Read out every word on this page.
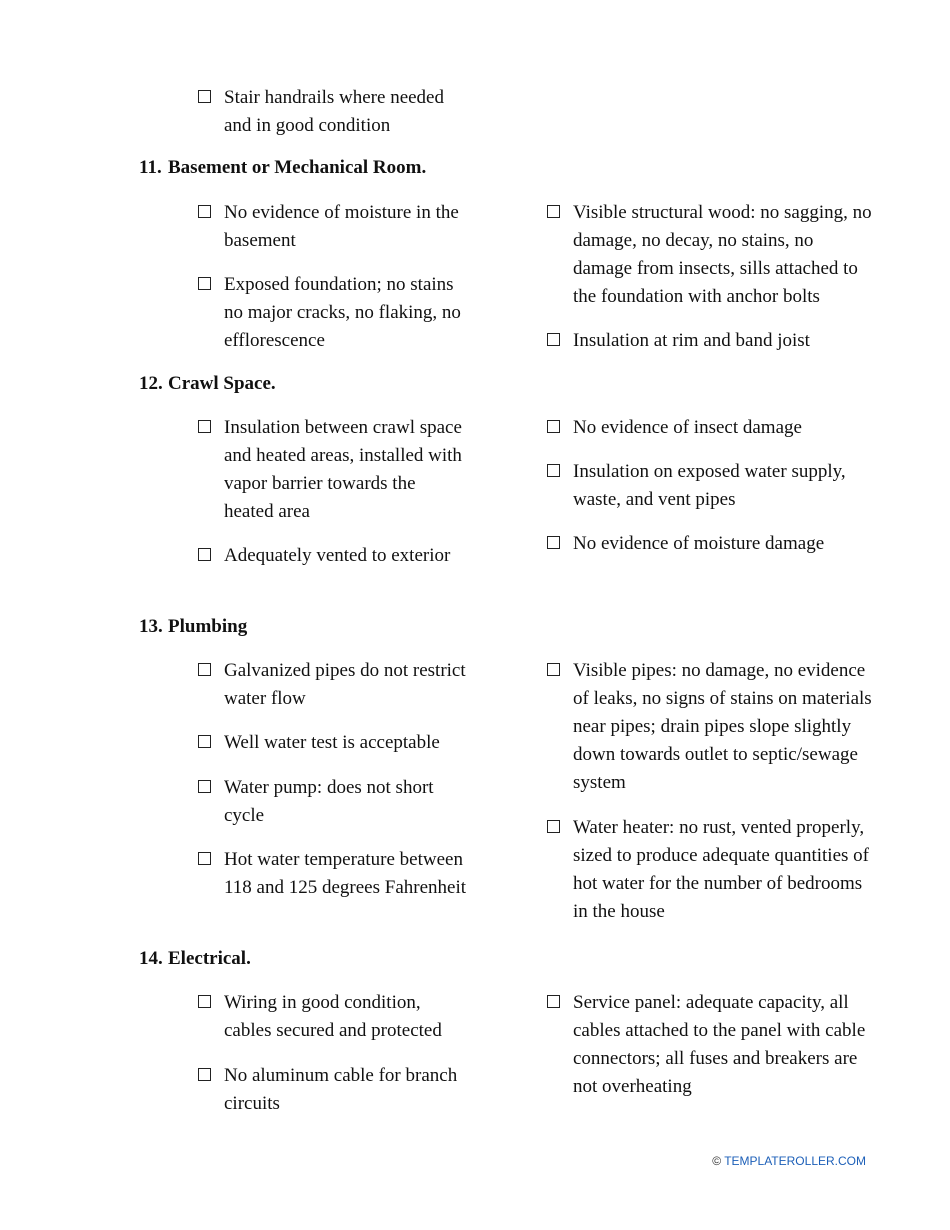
Stair handrails where needed and in good condition
11. Basement or Mechanical Room.
No evidence of moisture in the basement
Exposed foundation; no stains no major cracks, no flaking, no efflorescence
Visible structural wood: no sagging, no damage, no decay, no stains, no damage from insects, sills attached to the foundation with anchor bolts
Insulation at rim and band joist
12. Crawl Space.
Insulation between crawl space and heated areas, installed with vapor barrier towards the heated area
Adequately vented to exterior
No evidence of insect damage
Insulation on exposed water supply, waste, and vent pipes
No evidence of moisture damage
13. Plumbing
Galvanized pipes do not restrict water flow
Well water test is acceptable
Water pump: does not short cycle
Hot water temperature between 118 and 125 degrees Fahrenheit
Visible pipes: no damage, no evidence of leaks, no signs of stains on materials near pipes; drain pipes slope slightly down towards outlet to septic/sewage system
Water heater: no rust, vented properly, sized to produce adequate quantities of hot water for the number of bedrooms in the house
14. Electrical.
Wiring in good condition, cables secured and protected
No aluminum cable for branch circuits
Service panel: adequate capacity, all cables attached to the panel with cable connectors; all fuses and breakers are not overheating
© TEMPLATEROLLER.COM
